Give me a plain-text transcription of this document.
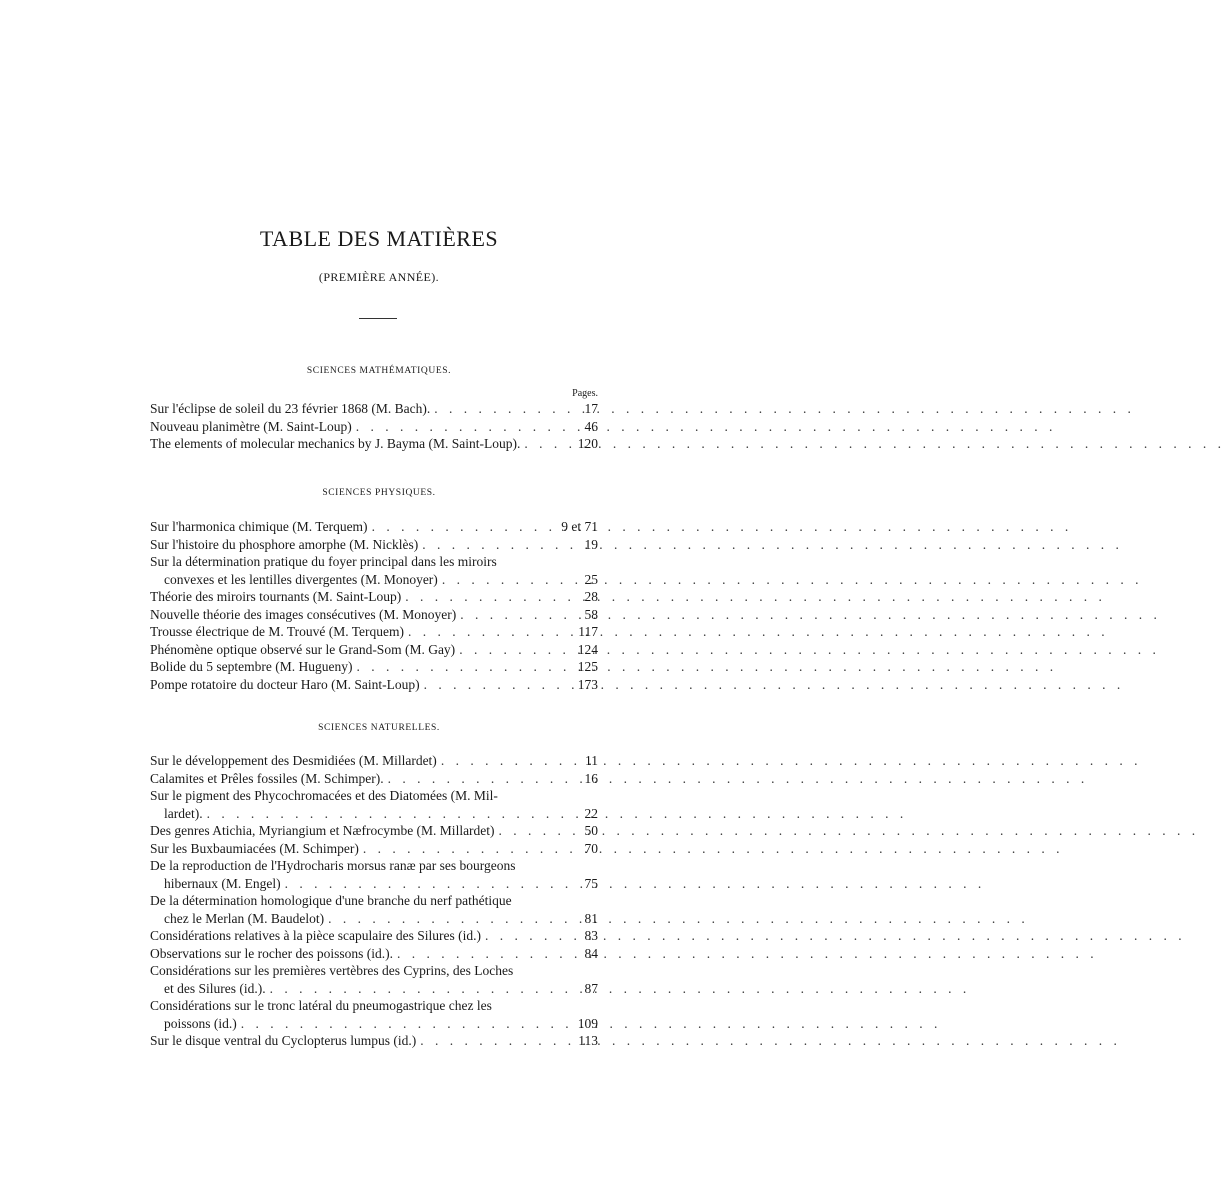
TABLE DES MATIÈRES
(PREMIÈRE ANNÉE).
SCIENCES MATHÉMATIQUES.
Pages.
Sur l'éclipse de soleil du 23 février 1868 (M. Bach). . . .	17
Nouveau planimètre (M. Saint-Loup) . . .	46
The elements of molecular mechanics by J. Bayma (M. Saint-Loup). . . .	120
SCIENCES PHYSIQUES.
Sur l'harmonica chimique (M. Terquem) . . .	9 et 71
Sur l'histoire du phosphore amorphe (M. Nicklès) . . .	19
Sur la détermination pratique du foyer principal dans les miroirs
convexes et les lentilles divergentes (M. Monoyer) . . .	25
Théorie des miroirs tournants (M. Saint-Loup) . . .	28
Nouvelle théorie des images consécutives (M. Monoyer) . . .	58
Trousse électrique de M. Trouvé (M. Terquem) . . .	117
Phénomène optique observé sur le Grand-Som (M. Gay) . . .	124
Bolide du 5 septembre (M. Hugueny) . . .	125
Pompe rotatoire du docteur Haro (M. Saint-Loup) . . .	173
SCIENCES NATURELLES.
Sur le développement des Desmidiées (M. Millardet) . . .	11
Calamites et Prêles fossiles (M. Schimper). . . .	16
Sur le pigment des Phycochromacées et des Diatomées (M. Mil-
lardet). . . .	22
Des genres Atichia, Myriangium et Næfrocymbe (M. Millardet) . . .	50
Sur les Buxbaumiacées (M. Schimper) . . .	70
De la reproduction de l'Hydrocharis morsus ranæ par ses bourgeons
hibernaux (M. Engel) . . .	75
De la détermination homologique d'une branche du nerf pathétique
chez le Merlan (M. Baudelot) . . .	81
Considérations relatives à la pièce scapulaire des Silures (id.) . . .	83
Observations sur le rocher des poissons (id.). . . .	84
Considérations sur les premières vertèbres des Cyprins, des Loches
et des Silures (id.). . . .	87
Considérations sur le tronc latéral du pneumogastrique chez les
poissons (id.) . . .	109
Sur le disque ventral du Cyclopterus lumpus (id.) . . .	113
